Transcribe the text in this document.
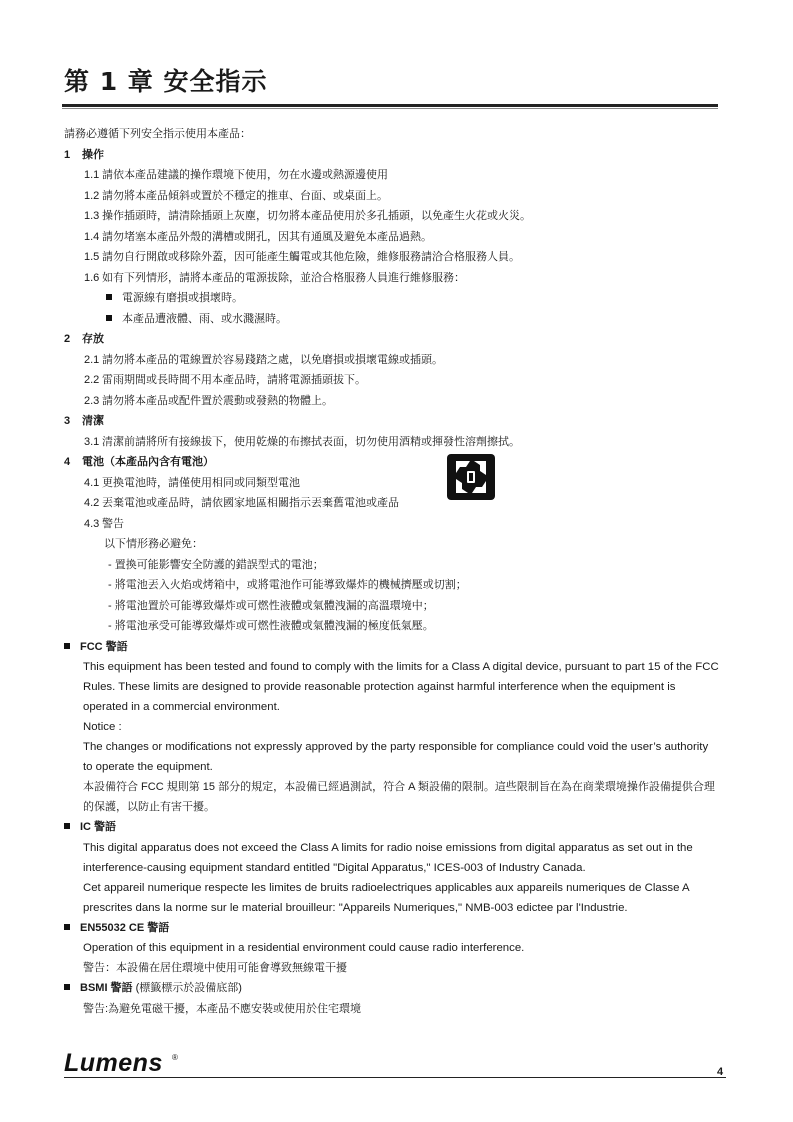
第 1 章 安全指示
請務必遵循下列安全指示使用本產品：
1 操作
1.1 請依本產品建議的操作環境下使用，勿在水邊或熱源邊使用
1.2 請勿將本產品傾斜或置於不穩定的推車、台面、或桌面上。
1.3 操作插頭時，請清除插頭上灰塵，切勿將本產品使用於多孔插頭，以免產生火花或火災。
1.4 請勿堵塞本產品外殼的溝槽或開孔，因其有通風及避免本產品過熱。
1.5 請勿自行開啟或移除外蓋，因可能產生觸電或其他危險，維修服務請洽合格服務人員。
1.6 如有下列情形，請將本產品的電源拔除，並洽合格服務人員進行維修服務：
電源線有磨損或損壞時。
本產品遭液體、雨、或水濺濕時。
2 存放
2.1 請勿將本產品的電線置於容易踐踏之處，以免磨損或損壞電線或插頭。
2.2 雷雨期間或長時間不用本產品時，請將電源插頭拔下。
2.3 請勿將本產品或配件置於震動或發熱的物體上。
3 清潔
3.1 清潔前請將所有接線拔下，使用乾燥的布擦拭表面，切勿使用酒精或揮發性溶劑擦拭。
4 電池（本產品內含有電池）
4.1 更換電池時，請僅使用相同或同類型電池
4.2 丟棄電池或產品時，請依國家地區相關指示丟棄舊電池或產品
4.3 警告
以下情形務必避免：
- 置換可能影響安全防護的錯誤型式的電池；
- 將電池丟入火焰或烤箱中，或將電池作可能導致爆炸的機械擠壓或切割；
- 將電池置於可能導致爆炸或可燃性液體或氣體洩漏的高溫環境中；
- 將電池承受可能導致爆炸或可燃性液體或氣體洩漏的極度低氣壓。
FCC 警語
This equipment has been tested and found to comply with the limits for a Class A digital device, pursuant to part 15 of the FCC Rules. These limits are designed to provide reasonable protection against harmful interference when the equipment is operated in a commercial environment.
Notice :
The changes or modifications not expressly approved by the party responsible for compliance could void the user’s authority to operate the equipment.
本設備符合 FCC 規則第 15 部分的規定，本設備已經過測試，符合 A 類設備的限制。這些限制旨在為在商業環境操作設備提供合理的保護，以防止有害干擾。
IC 警語
This digital apparatus does not exceed the Class A limits for radio noise emissions from digital apparatus as set out in the interference-causing equipment standard entitled "Digital Apparatus," ICES-003 of Industry Canada.
Cet appareil numerique respecte les limites de bruits radioelectriques applicables aux appareils numeriques de Classe A prescrites dans la norme sur le material brouilleur: "Appareils Numeriques," NMB-003 edictee par l'Industrie.
EN55032 CE 警語
Operation of this equipment in a residential environment could cause radio interference.
警告：本設備在居住環境中使用可能會導致無線電干擾
BSMI 警語 (標籤標示於設備底部)
警告:為避免電磁干擾，本產品不應安裝或使用於住宅環境
Lumens ®
4
